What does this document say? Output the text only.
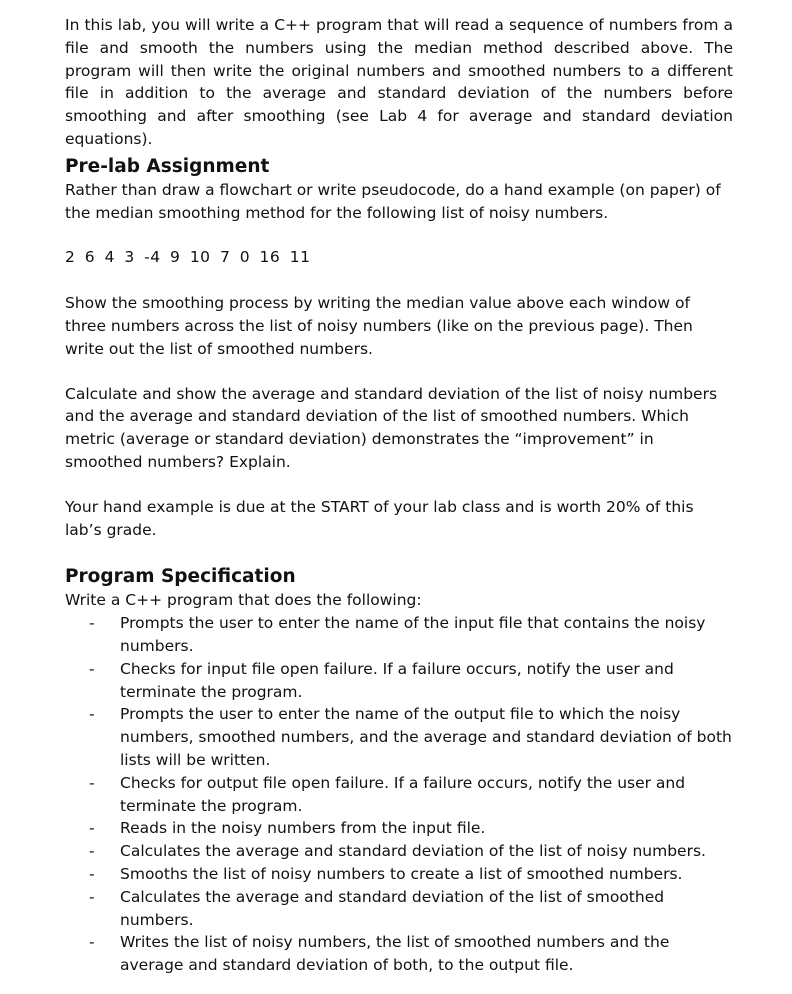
In this lab, you will write a C++ program that will read a sequence of numbers from a file and smooth the numbers using the median method described above. The program will then write the original numbers and smoothed numbers to a different file in addition to the average and standard deviation of the numbers before smoothing and after smoothing (see Lab 4 for average and standard deviation equations).

Pre-lab Assignment

Rather than draw a flowchart or write pseudocode, do a hand example (on paper) of the median smoothing method for the following list of noisy numbers.

2 6 4 3 -4 9 10 7 0 16 11

Show the smoothing process by writing the median value above each window of three numbers across the list of noisy numbers (like on the previous page). Then write out the list of smoothed numbers.

Calculate and show the average and standard deviation of the list of noisy numbers and the average and standard deviation of the list of smoothed numbers. Which metric (average or standard deviation) demonstrates the “improvement” in smoothed numbers? Explain.

Your hand example is due at the START of your lab class and is worth 20% of this lab’s grade.

Program Specification

Write a C++ program that does the following:

- Prompts the user to enter the name of the input file that contains the noisy numbers.
- Checks for input file open failure. If a failure occurs, notify the user and terminate the program.
- Prompts the user to enter the name of the output file to which the noisy numbers, smoothed numbers, and the average and standard deviation of both lists will be written.
- Checks for output file open failure. If a failure occurs, notify the user and terminate the program.
- Reads in the noisy numbers from the input file.
- Calculates the average and standard deviation of the list of noisy numbers.
- Smooths the list of noisy numbers to create a list of smoothed numbers.
- Calculates the average and standard deviation of the list of smoothed numbers.
- Writes the list of noisy numbers, the list of smoothed numbers and the average and standard deviation of both, to the output file.
